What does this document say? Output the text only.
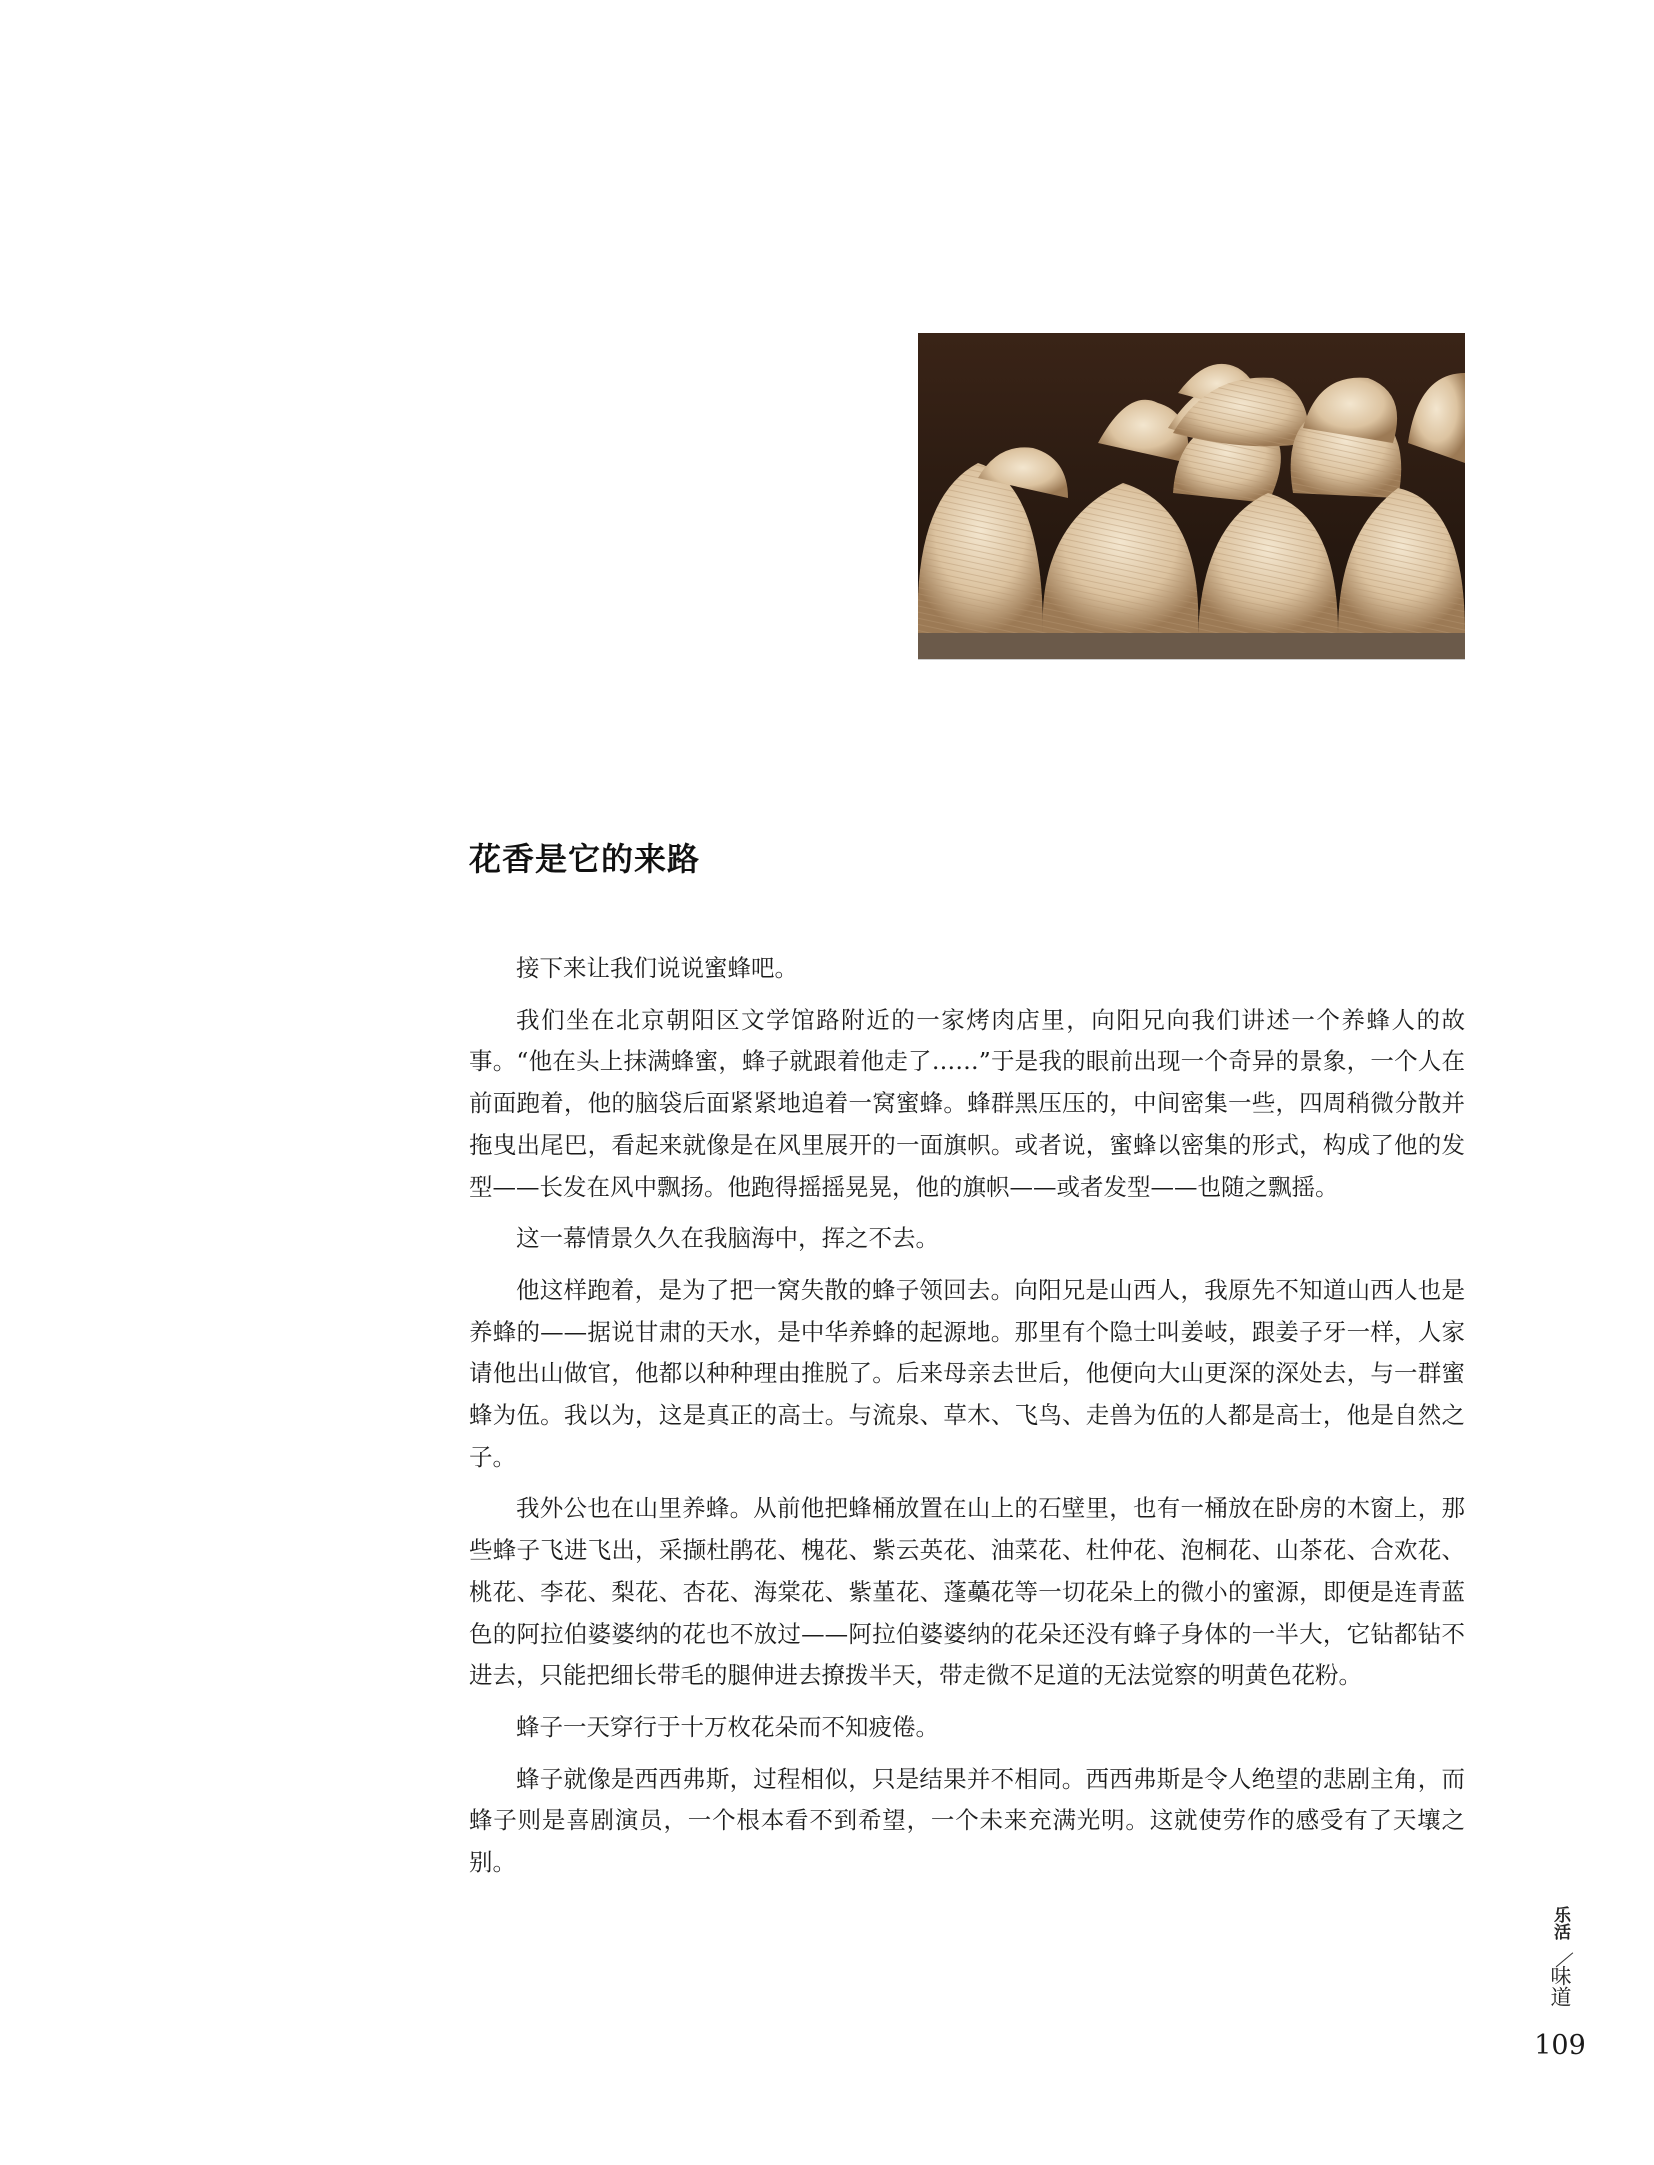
花香是它的来路

接下来让我们说说蜜蜂吧。

我们坐在北京朝阳区文学馆路附近的一家烤肉店里，向阳兄向我们讲述一个养蜂人的故事。“他在头上抹满蜂蜜，蜂子就跟着他走了……”于是我的眼前出现一个奇异的景象，一个人在前面跑着，他的脑袋后面紧紧地追着一窝蜜蜂。蜂群黑压压的，中间密集一些，四周稍微分散并拖曳出尾巴，看起来就像是在风里展开的一面旗帜。或者说，蜜蜂以密集的形式，构成了他的发型——长发在风中飘扬。他跑得摇摇晃晃，他的旗帜——或者发型——也随之飘摇。

这一幕情景久久在我脑海中，挥之不去。

他这样跑着，是为了把一窝失散的蜂子领回去。向阳兄是山西人，我原先不知道山西人也是养蜂的——据说甘肃的天水，是中华养蜂的起源地。那里有个隐士叫姜岐，跟姜子牙一样，人家请他出山做官，他都以种种理由推脱了。后来母亲去世后，他便向大山更深的深处去，与一群蜜蜂为伍。我以为，这是真正的高士。与流泉、草木、飞鸟、走兽为伍的人都是高士，他是自然之子。

我外公也在山里养蜂。从前他把蜂桶放置在山上的石壁里，也有一桶放在卧房的木窗上，那些蜂子飞进飞出，采撷杜鹃花、槐花、紫云英花、油菜花、杜仲花、泡桐花、山茶花、合欢花、桃花、李花、梨花、杏花、海棠花、紫堇花、蓬蘽花等一切花朵上的微小的蜜源，即便是连青蓝色的阿拉伯婆婆纳的花也不放过——阿拉伯婆婆纳的花朵还没有蜂子身体的一半大，它钻都钻不进去，只能把细长带毛的腿伸进去撩拨半天，带走微不足道的无法觉察的明黄色花粉。

蜂子一天穿行于十万枚花朵而不知疲倦。

蜂子就像是西西弗斯，过程相似，只是结果并不相同。西西弗斯是令人绝望的悲剧主角，而蜂子则是喜剧演员，一个根本看不到希望，一个未来充满光明。这就使劳作的感受有了天壤之别。

乐活
味道
109
